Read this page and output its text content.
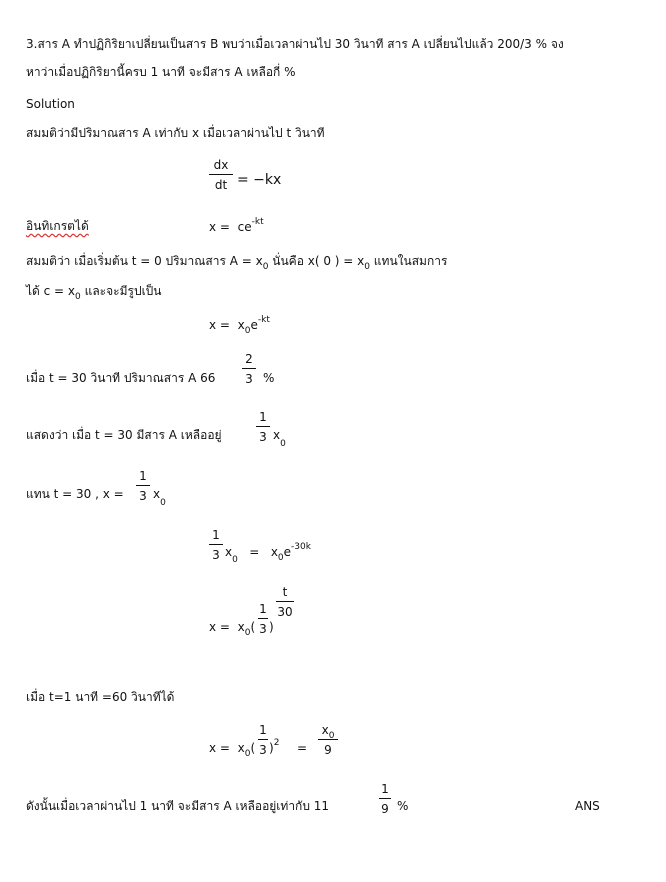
3.สาร A ทำปฏิกิริยาเปลี่ยนเป็นสาร B พบว่าเมื่อเวลาผ่านไป 30 วินาที สาร A เปลี่ยนไปแล้ว 200/3 % จง
หาว่าเมื่อปฏิกิริยานี้ครบ 1 นาที จะมีสาร A เหลือกี่ %
Solution
สมมติว่ามีปริมาณสาร A เท่ากับ x เมื่อเวลาผ่านไป t วินาที
$\frac{dx}{dt} = -kx$
อินทิเกรตได้	$x = ce^{-kt}$
สมมติว่า เมื่อเริ่มต้น t = 0 ปริมาณสาร $A = x_0$ นั่นคือ x( 0 ) = $x_0$ แทนในสมการ
ได้ $c = x_0$ และจะมีรูปเป็น
$x = x_0e^{-kt}$
เมื่อ t = 30 วินาที ปริมาณสาร A $66 \frac{2}{3}$ %
แสดงว่า เมื่อ t = 30 มีสาร A เหลืออยู่	$\frac{1}{3} x_0$
แทน t = 30 , $x = \frac{1}{3} x_0$
$\frac{1}{3} x_0 = x_0e^{-30k}$
$x = x_0( \frac{1}{3}$ )
$\frac{t}{30}$
เมื่อ t=1 นาที =60 วินาทีได้
$x = x_0( \frac{1}{3} )^2 = \frac{x_0}{9}$
ดังนั้นเมื่อเวลาผ่านไป 1 นาที จะมีสาร A เหลืออยู่เท่ากับ 11	$\frac{1}{9}$ %	ANS
